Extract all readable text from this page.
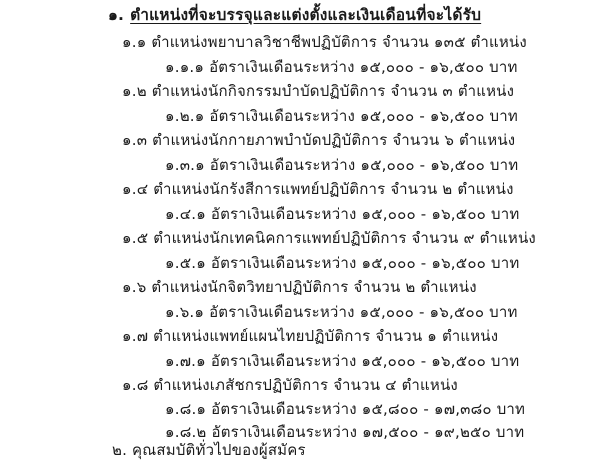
๑. ตำแหน่งที่จะบรรจุและแต่งตั้งและเงินเดือนที่จะได้รับ
๑.๑ ตำแหน่งพยาบาลวิชาชีพปฏิบัติการ จำนวน ๑๓๕ ตำแหน่ง
๑.๑.๑ อัตราเงินเดือนระหว่าง ๑๕,๐๐๐ - ๑๖,๕๐๐ บาท
๑.๒ ตำแหน่งนักกิจกรรมบำบัดปฏิบัติการ จำนวน ๓ ตำแหน่ง
๑.๒.๑ อัตราเงินเดือนระหว่าง ๑๕,๐๐๐ - ๑๖,๕๐๐ บาท
๑.๓ ตำแหน่งนักกายภาพบำบัดปฏิบัติการ จำนวน ๖ ตำแหน่ง
๑.๓.๑ อัตราเงินเดือนระหว่าง ๑๕,๐๐๐ - ๑๖,๕๐๐ บาท
๑.๔ ตำแหน่งนักรังสีการแพทย์ปฏิบัติการ จำนวน ๒ ตำแหน่ง
๑.๔.๑ อัตราเงินเดือนระหว่าง ๑๕,๐๐๐ - ๑๖,๕๐๐ บาท
๑.๕ ตำแหน่งนักเทคนิคการแพทย์ปฏิบัติการ จำนวน ๙ ตำแหน่ง
๑.๕.๑ อัตราเงินเดือนระหว่าง ๑๕,๐๐๐ - ๑๖,๕๐๐ บาท
๑.๖ ตำแหน่งนักจิตวิทยาปฏิบัติการ จำนวน ๒ ตำแหน่ง
๑.๖.๑ อัตราเงินเดือนระหว่าง ๑๕,๐๐๐ - ๑๖,๕๐๐ บาท
๑.๗ ตำแหน่งแพทย์แผนไทยปฏิบัติการ จำนวน ๑ ตำแหน่ง
๑.๗.๑ อัตราเงินเดือนระหว่าง ๑๕,๐๐๐ - ๑๖,๕๐๐ บาท
๑.๘ ตำแหน่งเภสัชกรปฏิบัติการ จำนวน ๔ ตำแหน่ง
๑.๘.๑ อัตราเงินเดือนระหว่าง ๑๕,๘๐๐ - ๑๗,๓๘๐ บาท
๑.๘.๒ อัตราเงินเดือนระหว่าง ๑๗,๕๐๐ - ๑๙,๒๕๐ บาท
๒. คุณสมบัติทั่วไปของผู้สมัคร
